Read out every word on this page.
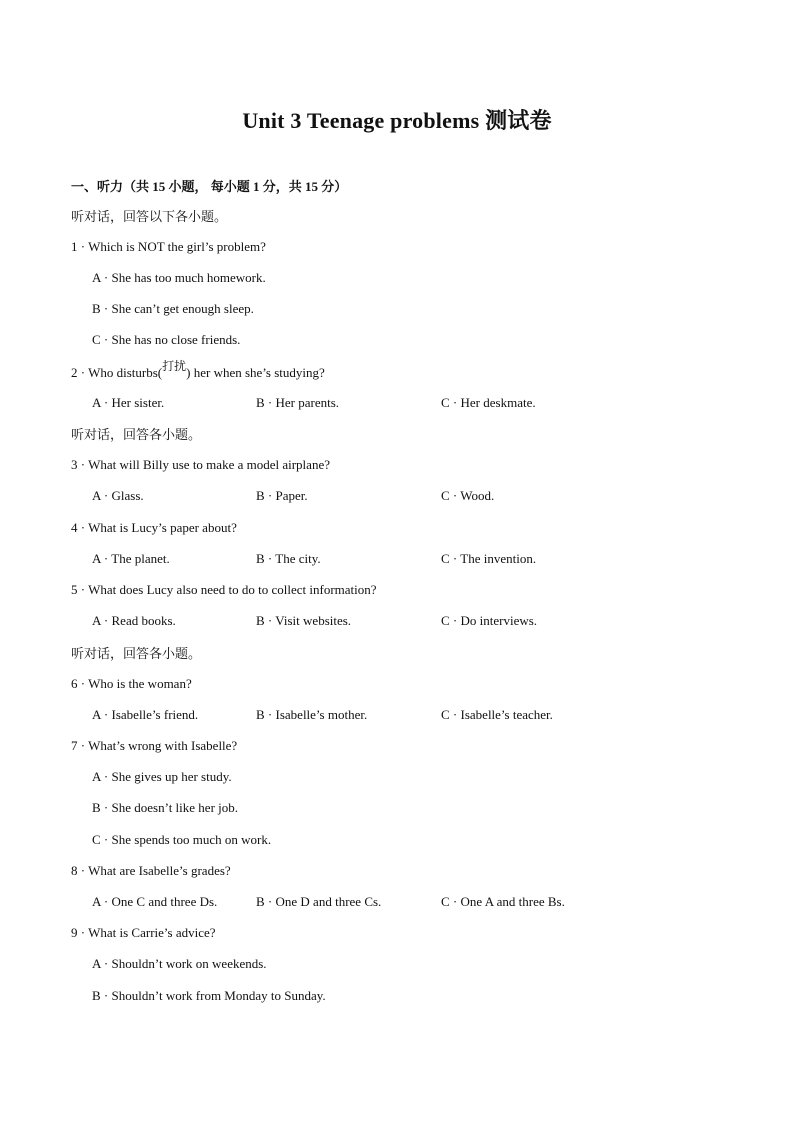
Unit 3 Teenage problems 测试卷
一、听力（共 15 小题， 每小题 1 分，共 15 分）
听对话，回答以下各小题。
1 · Which is NOT the girl’s problem?
A · She has too much homework.
B · She can’t get enough sleep.
C · She has no close friends.
2 · Who disturbs(打扰) her when she’s studying?
A · Her sister.	B · Her parents.	C · Her deskmate.
听对话，回答各小题。
3 · What will Billy use to make a model airplane?
A · Glass.	B · Paper.	C · Wood.
4 · What is Lucy’s paper about?
A · The planet.	B · The city.	C · The invention.
5 · What does Lucy also need to do to collect information?
A · Read books.	B · Visit websites.	C · Do interviews.
听对话，回答各小题。
6 · Who is the woman?
A · Isabelle’s friend.	B · Isabelle’s mother.	C · Isabelle’s teacher.
7 · What’s wrong with Isabelle?
A · She gives up her study.
B · She doesn’t like her job.
C · She spends too much on work.
8 · What are Isabelle’s grades?
A · One C and three Ds.	B · One D and three Cs.	C · One A and three Bs.
9 · What is Carrie’s advice?
A · Shouldn’t work on weekends.
B · Shouldn’t work from Monday to Sunday.
